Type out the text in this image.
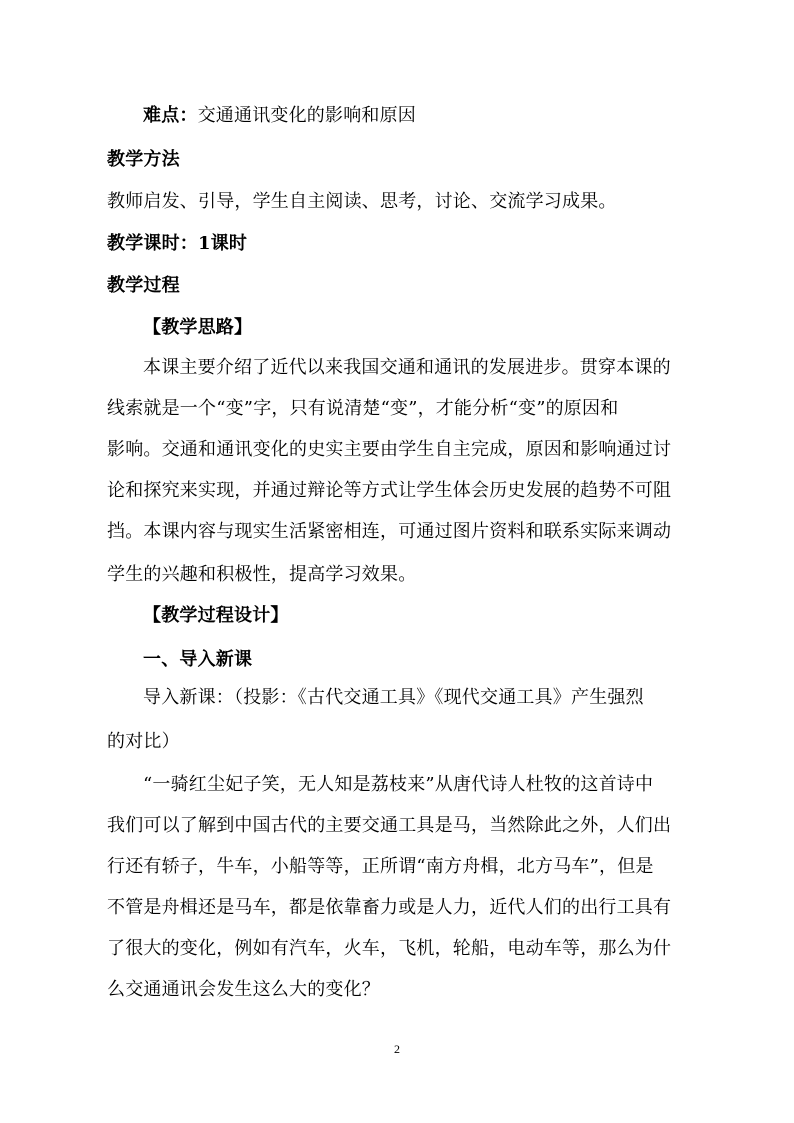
难点：交通通讯变化的影响和原因
教学方法
教师启发、引导，学生自主阅读、思考，讨论、交流学习成果。
教学课时：1课时
教学过程
【教学思路】
本课主要介绍了近代以来我国交通和通讯的发展进步。贯穿本课的
线索就是一个“变”字，只有说清楚“变”，才能分析“变”的原因和
影响。交通和通讯变化的史实主要由学生自主完成，原因和影响通过讨
论和探究来实现，并通过辩论等方式让学生体会历史发展的趋势不可阻
挡。本课内容与现实生活紧密相连，可通过图片资料和联系实际来调动
学生的兴趣和积极性，提高学习效果。
【教学过程设计】
一、导入新课
导入新课：（投影：《古代交通工具》《现代交通工具》产生强烈
的对比）
“一骑红尘妃子笑，无人知是荔枝来”从唐代诗人杜牧的这首诗中
我们可以了解到中国古代的主要交通工具是马，当然除此之外，人们出
行还有轿子，牛车，小船等等，正所谓“南方舟楫，北方马车”，但是
不管是舟楫还是马车，都是依靠畜力或是人力，近代人们的出行工具有
了很大的变化，例如有汽车，火车，飞机，轮船，电动车等，那么为什
么交通通讯会发生这么大的变化？
2
